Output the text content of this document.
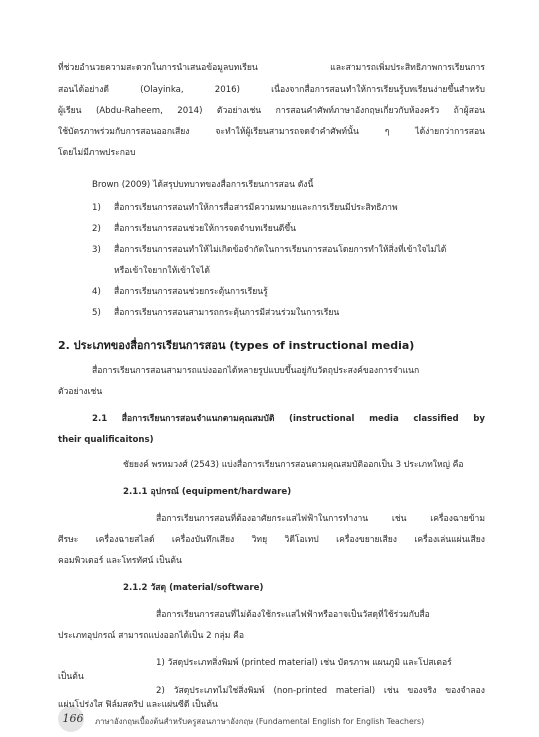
ที่ช่วยอำนวยความสะดวกในการนำเสนอข้อมูลบทเรียน และสามารถเพิ่มประสิทธิภาพการเรียนการ
สอนได้อย่างดี (Olayinka, 2016) เนื่องจากสื่อการสอนทำให้การเรียนรู้บทเรียนง่ายขึ้นสำหรับ
ผู้เรียน (Abdu-Raheem, 2014) ตัวอย่างเช่น การสอนคำศัพท์ภาษาอังกฤษเกี่ยวกับห้องครัว ถ้าผู้สอน
ใช้บัตรภาพร่วมกับการสอนออกเสียง จะทำให้ผู้เรียนสามารถจดจำคำศัพท์นั้น ๆ ได้ง่ายกว่าการสอน
โดยไม่มีภาพประกอบ
Brown (2009) ได้สรุปบทบาทของสื่อการเรียนการสอน ดังนี้
1) สื่อการเรียนการสอนทำให้การสื่อสารมีความหมายและการเรียนมีประสิทธิภาพ
2) สื่อการเรียนการสอนช่วยให้การจดจำบทเรียนดีขึ้น
3) สื่อการเรียนการสอนทำให้ไม่เกิดข้อจำกัดในการเรียนการสอนโดยการทำให้สิ่งที่เข้าใจไม่ได้
หรือเข้าใจยากให้เข้าใจได้
4) สื่อการเรียนการสอนช่วยกระตุ้นการเรียนรู้
5) สื่อการเรียนการสอนสามารถกระตุ้นการมีส่วนร่วมในการเรียน
2. ประเภทของสื่อการเรียนการสอน (types of instructional media)
สื่อการเรียนการสอนสามารถแบ่งออกได้หลายรูปแบบขึ้นอยู่กับวัตถุประสงค์ของการจำแนก
ตัวอย่างเช่น
2.1 สื่อการเรียนการสอนจำแนกตามคุณสมบัติ (instructional media classified by
their qualificaitons)
ชัยยงค์ พรหมวงศ์ (2543) แบ่งสื่อการเรียนการสอนตามคุณสมบัติออกเป็น 3 ประเภทใหญ่ คือ
2.1.1 อุปกรณ์ (equipment/hardware)
สื่อการเรียนการสอนที่ต้องอาศัยกระแสไฟฟ้าในการทำงาน เช่น เครื่องฉายข้าม
ศีรษะ เครื่องฉายสไลด์ เครื่องบันทึกเสียง วิทยุ วิดีโอเทป เครื่องขยายเสียง เครื่องเล่นแผ่นเสียง
คอมพิวเตอร์ และโทรทัศน์ เป็นต้น
2.1.2 วัสดุ (material/software)
สื่อการเรียนการสอนที่ไม่ต้องใช้กระแสไฟฟ้าหรืออาจเป็นวัสดุที่ใช้ร่วมกับสื่อ
ประเภทอุปกรณ์ สามารถแบ่งออกได้เป็น 2 กลุ่ม คือ
1) วัสดุประเภทสิ่งพิมพ์ (printed material) เช่น บัตรภาพ แผนภูมิ และโปสเตอร์
166	ภาษาอังกฤษเบื้องต้นสำหรับครูสอนภาษาอังกฤษ (Fundamental English for English Teachers)
เป็นต้น
2) วัสดุประเภทไม่ใช่สิ่งพิมพ์ (non-printed material) เช่น ของจริง ของจำลอง
แผ่นโปร่งใส ฟิล์มสตริป และแผ่นซีดี เป็นต้น
